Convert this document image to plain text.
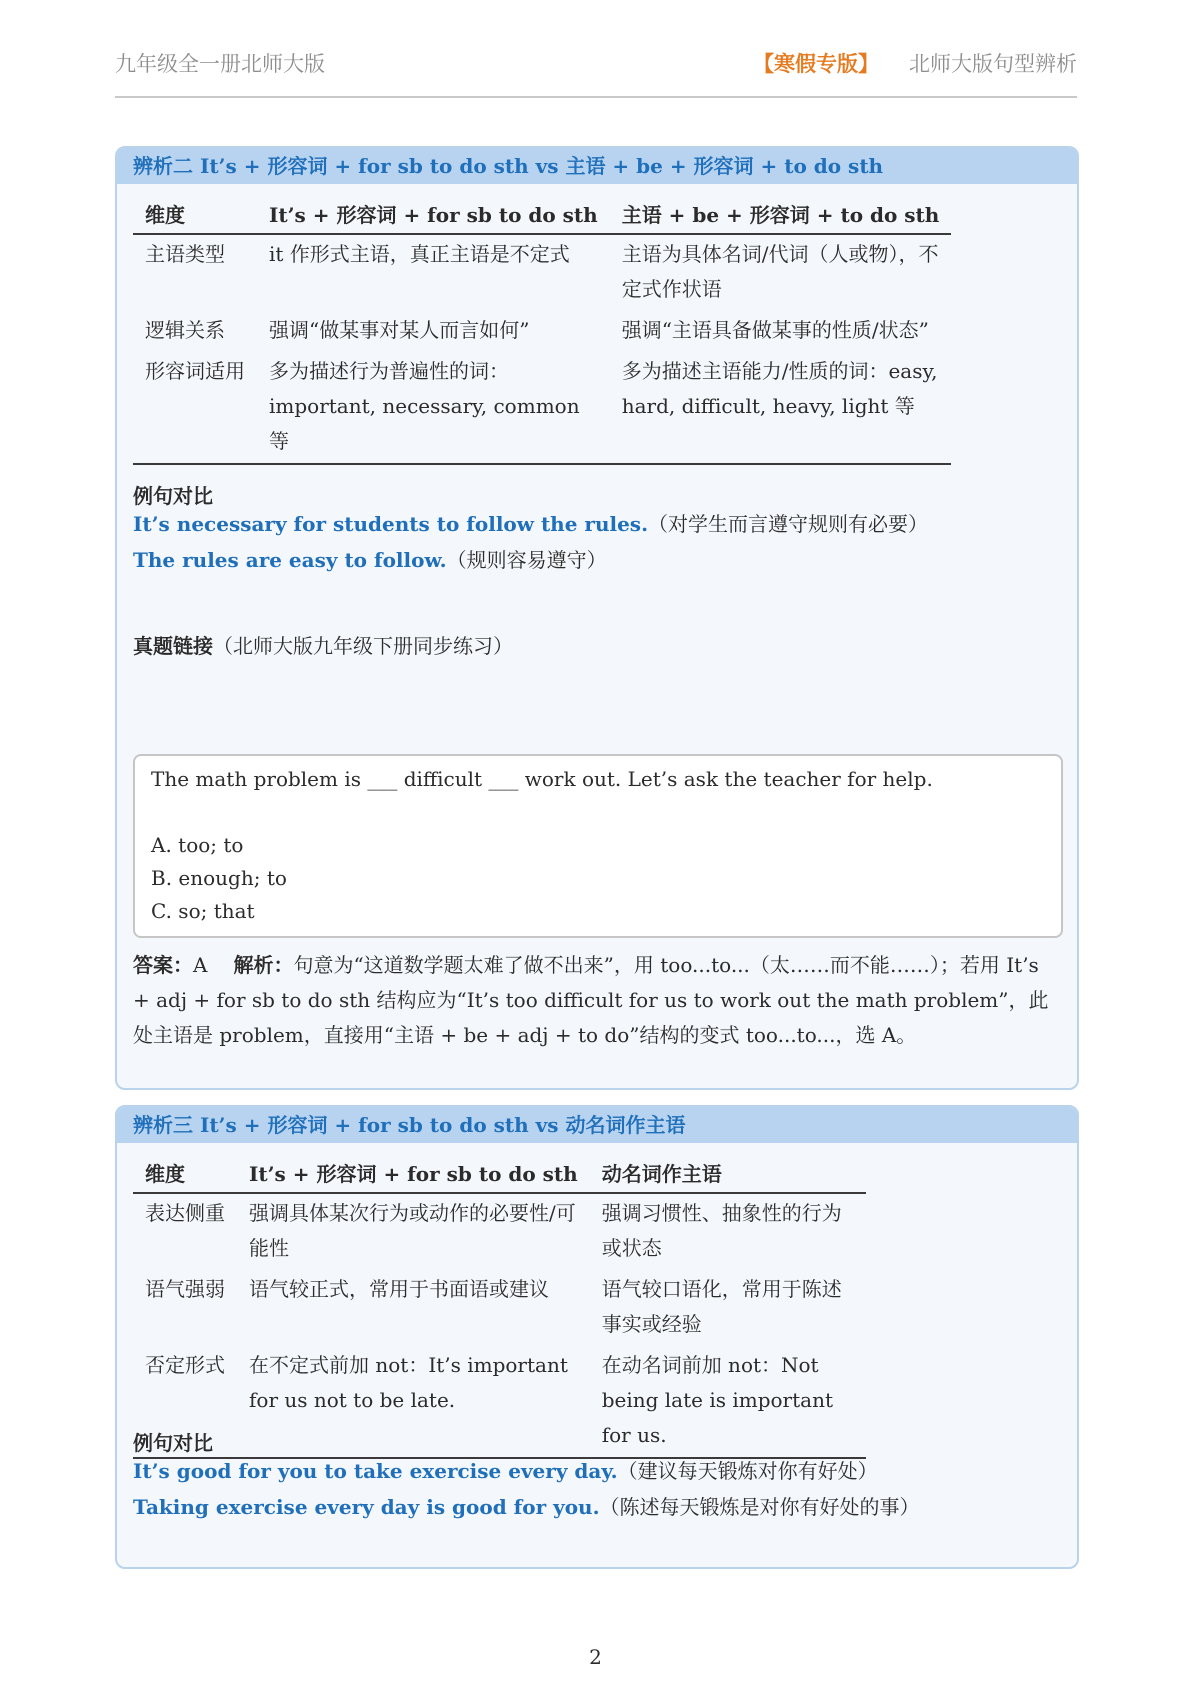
九年级全一册北师大版	【寒假专版】 北师大版句型辨析
辨析二 It’s + 形容词 + for sb to do sth vs 主语 + be + 形容词 + to do sth
维度	It’s + 形容词 + for sb to do sth	主语 + be + 形容词 + to do sth
主语类型	it 作形式主语，真正主语是不定式	主语为具体名词/代词（人或物），不定式作状语
逻辑关系	强调“做某事对某人而言如何”	强调“主语具备做某事的性质/状态”
形容词适用	多为描述行为普遍性的词：important, necessary, common 等	多为描述主语能力/性质的词：easy, hard, difficult, heavy, light 等
例句对比
It’s necessary for students to follow the rules.（对学生而言遵守规则有必要）
The rules are easy to follow.（规则容易遵守）
真题链接（北师大版九年级下册同步练习）
The math problem is ___ difficult ___ work out. Let’s ask the teacher for help.
A. too; to
B. enough; to
C. so; that
答案：A 解析：句意为“这道数学题太难了做不出来”，用 too...to...（太……而不能……）；若用 It’s + adj + for sb to do sth 结构应为“It’s too difficult for us to work out the math problem”，此处主语是 problem，直接用“主语 + be + adj + to do”结构的变式 too...to...，选 A。
辨析三 It’s + 形容词 + for sb to do sth vs 动名词作主语
维度	It’s + 形容词 + for sb to do sth	动名词作主语
表达侧重	强调具体某次行为或动作的必要性/可能性	强调习惯性、抽象性的行为或状态
语气强弱	语气较正式，常用于书面语或建议	语气较口语化，常用于陈述事实或经验
否定形式	在不定式前加 not：It’s important for us not to be late.	在动名词前加 not：Not being late is important for us.
例句对比
It’s good for you to take exercise every day.（建议每天锻炼对你有好处）
Taking exercise every day is good for you.（陈述每天锻炼是对你有好处的事）
2
